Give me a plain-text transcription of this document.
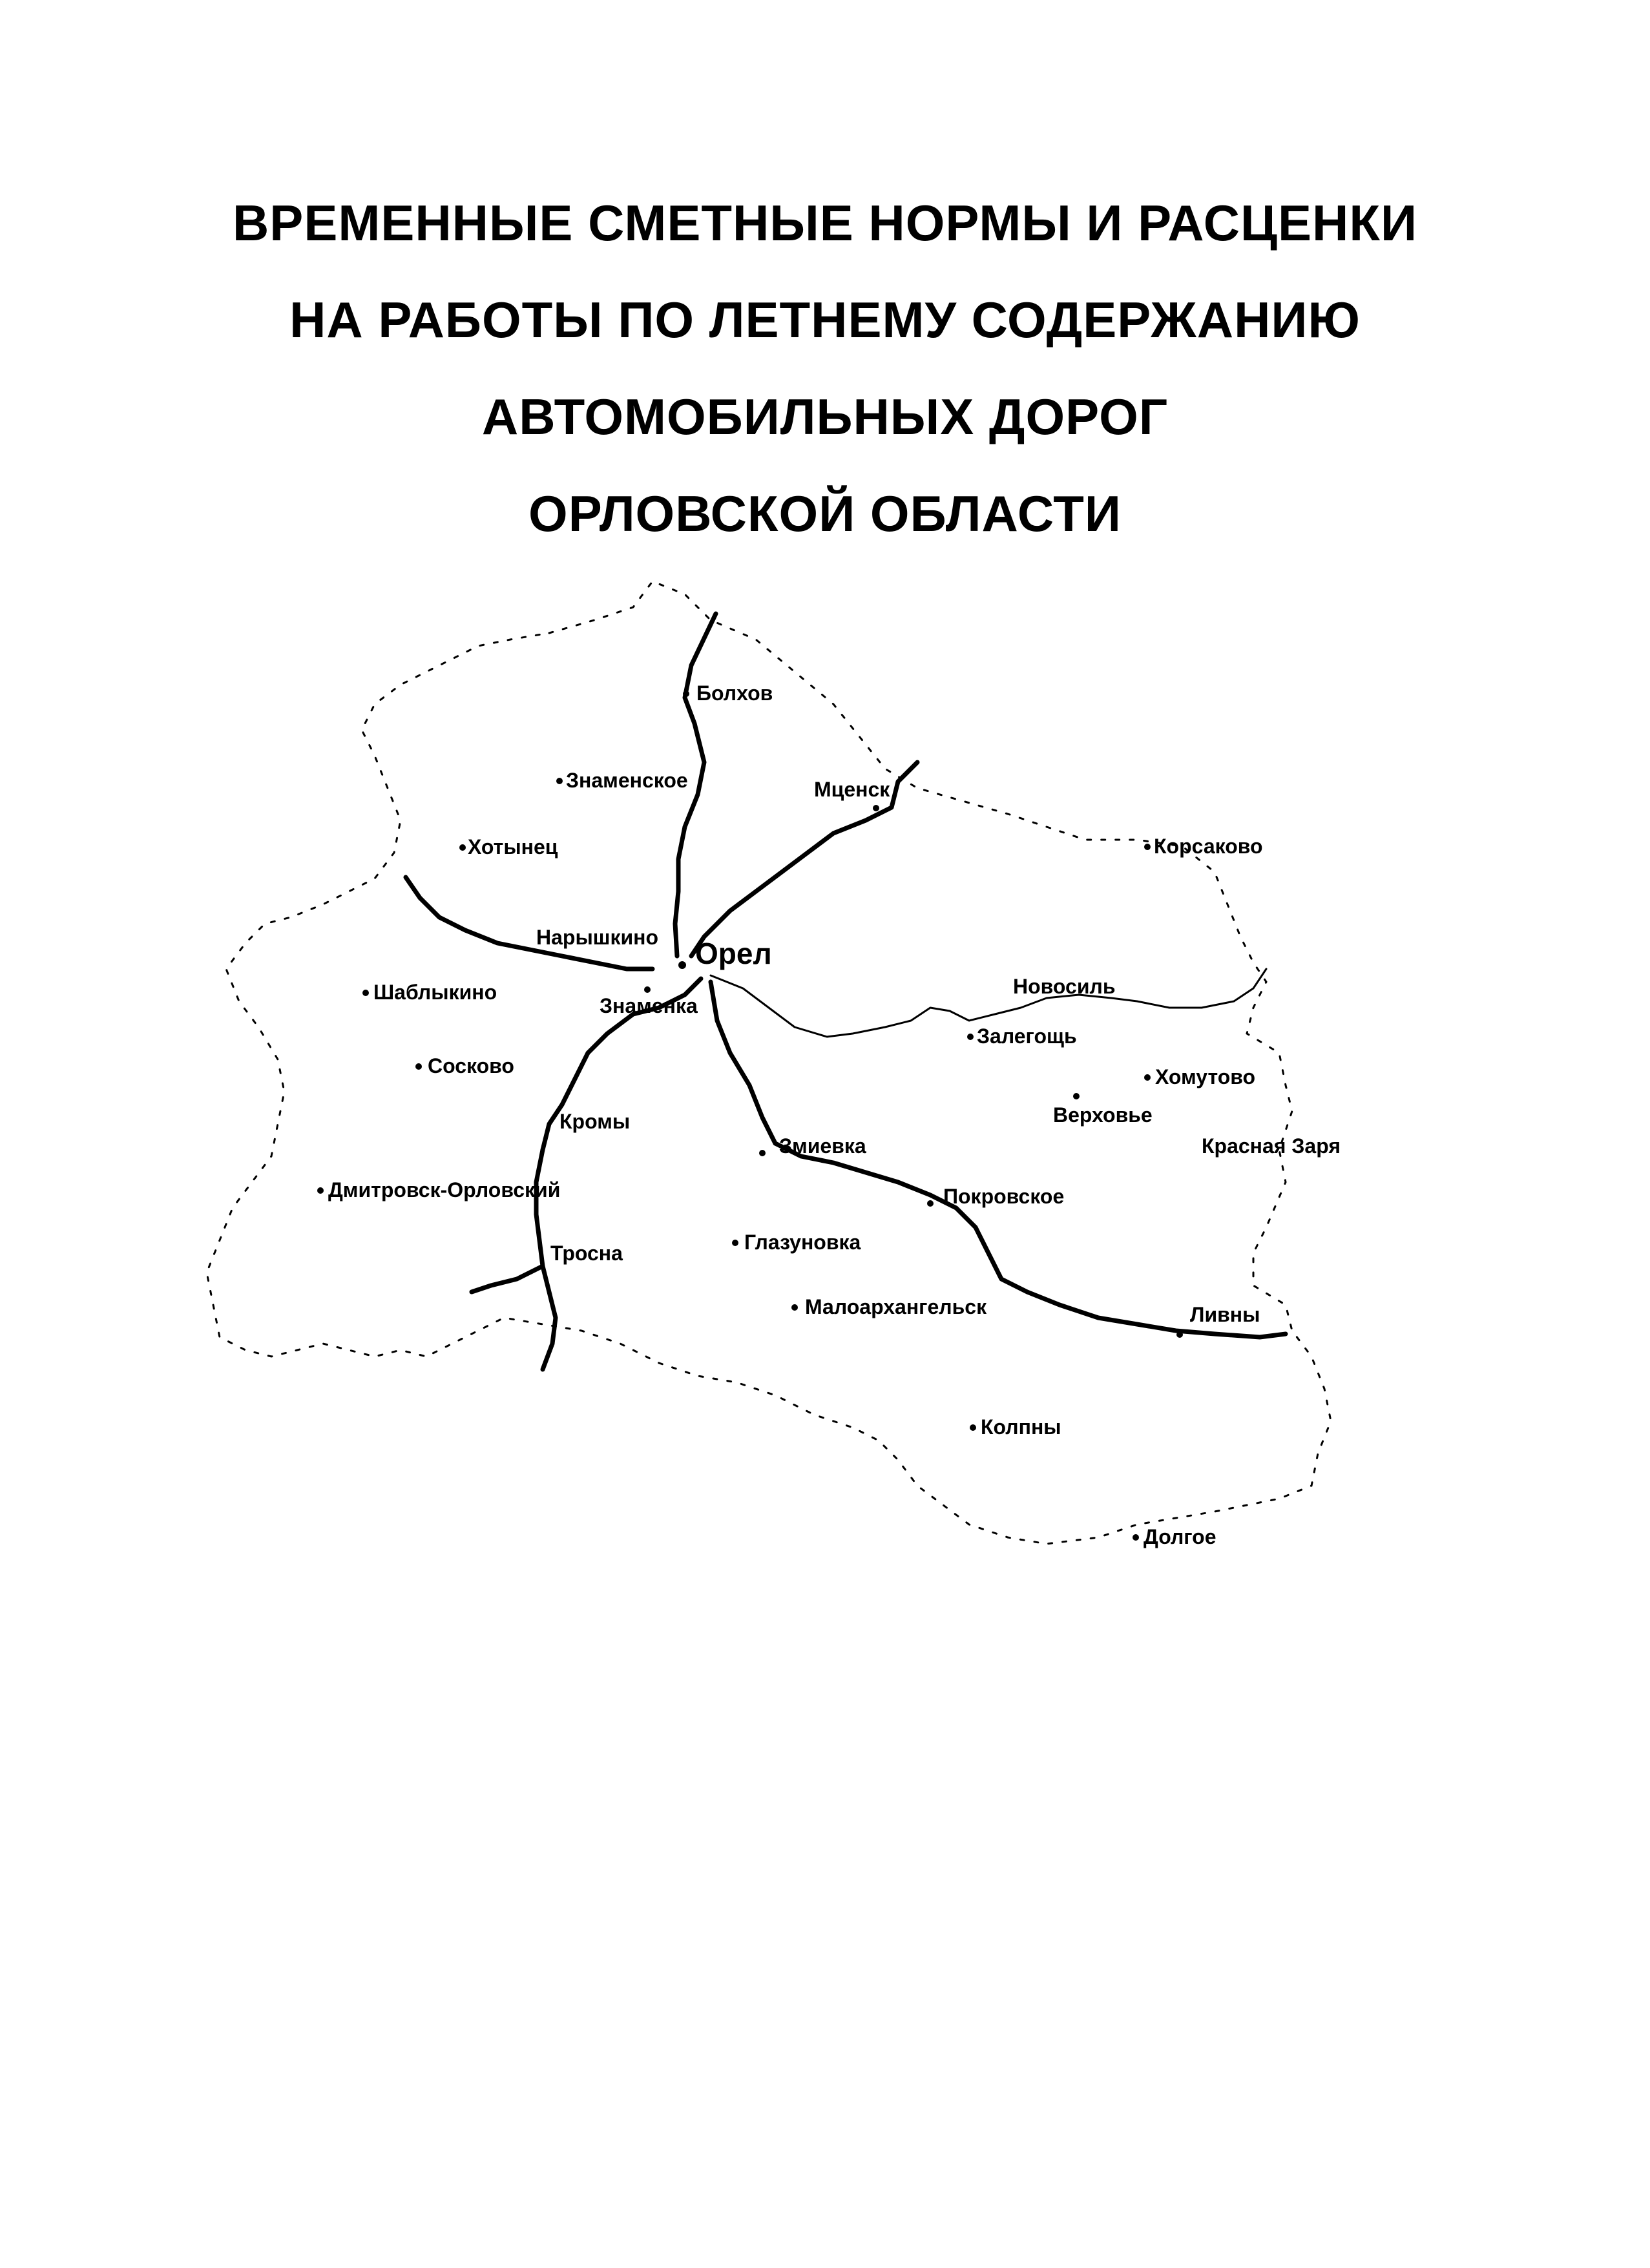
ВРЕМЕННЫЕ СМЕТНЫЕ НОРМЫ И РАСЦЕНКИ
НА РАБОТЫ ПО ЛЕТНЕМУ СОДЕРЖАНИЮ
АВТОМОБИЛЬНЫХ ДОРОГ
ОРЛОВСКОЙ ОБЛАСТИ
Болхов
Знаменское	Мценск
Корсаково
Хотынец
Нарышкино Орел
Шаблыкино
Знаменка
Новосиль
Залегощь
Сосково	Хомутово
Верховье
Кромы
Змиевка	Красная Заря
Дмитровск-Орловский	Покровское
Тросна	Глазуновка
Малоархангельск	Ливны
Колпны
Долгое
